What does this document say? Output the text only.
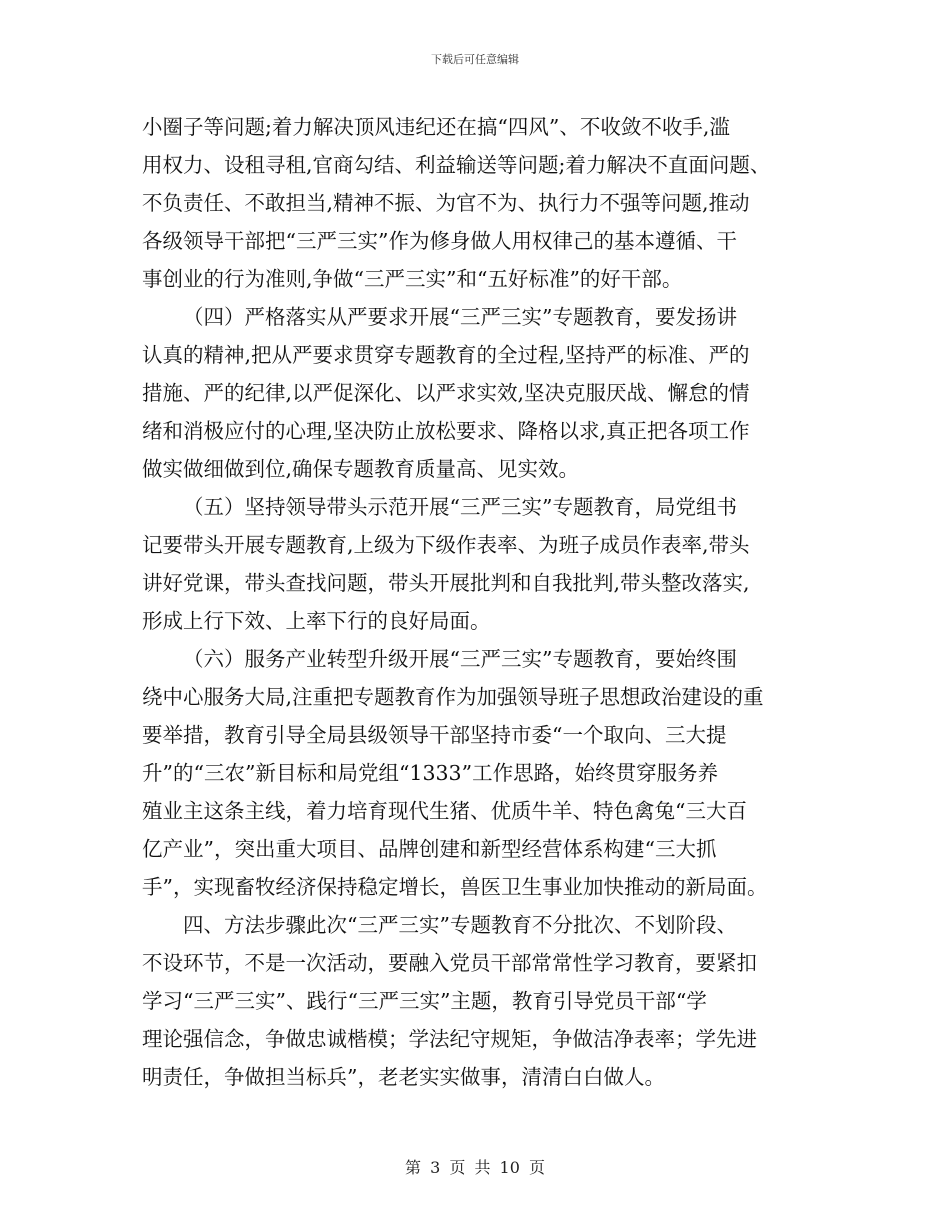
下载后可任意编辑
小圈子等问题;着力解决顶风违纪还在搞“四风”、不收敛不收手,滥
用权力、设租寻租,官商勾结、利益输送等问题;着力解决不直面问题、
不负责任、不敢担当,精神不振、为官不为、执行力不强等问题,推动
各级领导干部把“三严三实”作为修身做人用权律己的基本遵循、干
事创业的行为准则,争做“三严三实”和“五好标准”的好干部。
（四）严格落实从严要求开展“三严三实”专题教育，要发扬讲
认真的精神,把从严要求贯穿专题教育的全过程,坚持严的标准、严的
措施、严的纪律,以严促深化、以严求实效,坚决克服厌战、懈怠的情
绪和消极应付的心理,坚决防止放松要求、降格以求,真正把各项工作
做实做细做到位,确保专题教育质量高、见实效。
（五）坚持领导带头示范开展“三严三实”专题教育，局党组书
记要带头开展专题教育,上级为下级作表率、为班子成员作表率,带头
讲好党课，带头查找问题，带头开展批判和自我批判,带头整改落实,
形成上行下效、上率下行的良好局面。
（六）服务产业转型升级开展“三严三实”专题教育，要始终围
绕中心服务大局,注重把专题教育作为加强领导班子思想政治建设的重
要举措，教育引导全局县级领导干部坚持市委“一个取向、三大提
升”的“三农”新目标和局党组“1333”工作思路，始终贯穿服务养
殖业主这条主线，着力培育现代生猪、优质牛羊、特色禽兔“三大百
亿产业”，突出重大项目、品牌创建和新型经营体系构建“三大抓
手”，实现畜牧经济保持稳定增长，兽医卫生事业加快推动的新局面。
四、方法步骤此次“三严三实”专题教育不分批次、不划阶段、
不设环节，不是一次活动，要融入党员干部常常性学习教育，要紧扣
学习“三严三实”、践行“三严三实”主题，教育引导党员干部“学
理论强信念，争做忠诚楷模；学法纪守规矩，争做洁净表率；学先进
明责任，争做担当标兵”，老老实实做事，清清白白做人。
第 3 页 共 10 页
